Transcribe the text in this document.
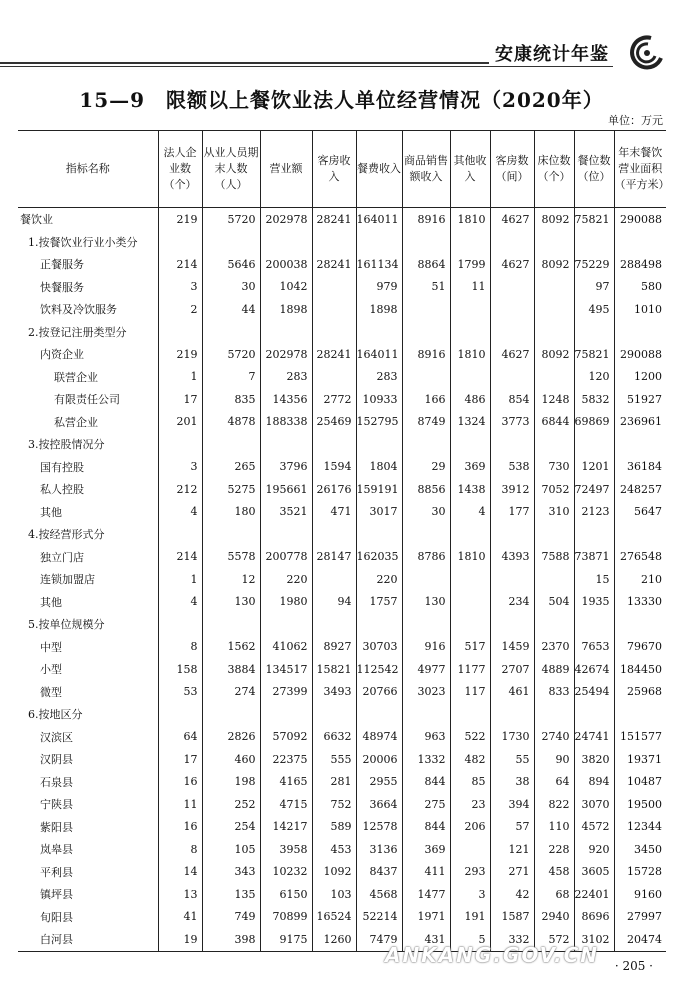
安康统计年鉴
15—9　限额以上餐饮业法人单位经营情况（2020年）
单位：万元
指标名称	法人企业数（个）	从业人员期末人数（人）	营业额	客房收入	餐费收入	商品销售额收入	其他收入	客房数（间）	床位数（个）	餐位数（位）	年末餐饮营业面积（平方米）
餐饮业	219	5720	202978	28241	164011	8916	1810	4627	8092	75821	290088
1.按餐饮业行业小类分											
正餐服务	214	5646	200038	28241	161134	8864	1799	4627	8092	75229	288498
快餐服务	3	30	1042		979	51	11			97	580
饮料及冷饮服务	2	44	1898		1898					495	1010
2.按登记注册类型分											
内资企业	219	5720	202978	28241	164011	8916	1810	4627	8092	75821	290088
联营企业	1	7	283		283					120	1200
有限责任公司	17	835	14356	2772	10933	166	486	854	1248	5832	51927
私营企业	201	4878	188338	25469	152795	8749	1324	3773	6844	69869	236961
3.按控股情况分											
国有控股	3	265	3796	1594	1804	29	369	538	730	1201	36184
私人控股	212	5275	195661	26176	159191	8856	1438	3912	7052	72497	248257
其他	4	180	3521	471	3017	30	4	177	310	2123	5647
4.按经营形式分											
独立门店	214	5578	200778	28147	162035	8786	1810	4393	7588	73871	276548
连锁加盟店	1	12	220		220					15	210
其他	4	130	1980	94	1757	130		234	504	1935	13330
5.按单位规模分											
中型	8	1562	41062	8927	30703	916	517	1459	2370	7653	79670
小型	158	3884	134517	15821	112542	4977	1177	2707	4889	42674	184450
微型	53	274	27399	3493	20766	3023	117	461	833	25494	25968
6.按地区分											
汉滨区	64	2826	57092	6632	48974	963	522	1730	2740	24741	151577
汉阴县	17	460	22375	555	20006	1332	482	55	90	3820	19371
石泉县	16	198	4165	281	2955	844	85	38	64	894	10487
宁陕县	11	252	4715	752	3664	275	23	394	822	3070	19500
紫阳县	16	254	14217	589	12578	844	206	57	110	4572	12344
岚皋县	8	105	3958	453	3136	369		121	228	920	3450
平利县	14	343	10232	1092	8437	411	293	271	458	3605	15728
镇坪县	13	135	6150	103	4568	1477	3	42	68	22401	9160
旬阳县	41	749	70899	16524	52214	1971	191	1587	2940	8696	27997
白河县	19	398	9175	1260	7479	431	5	332	572	3102	20474
ANKANG.GOV.CN · 205 ·
